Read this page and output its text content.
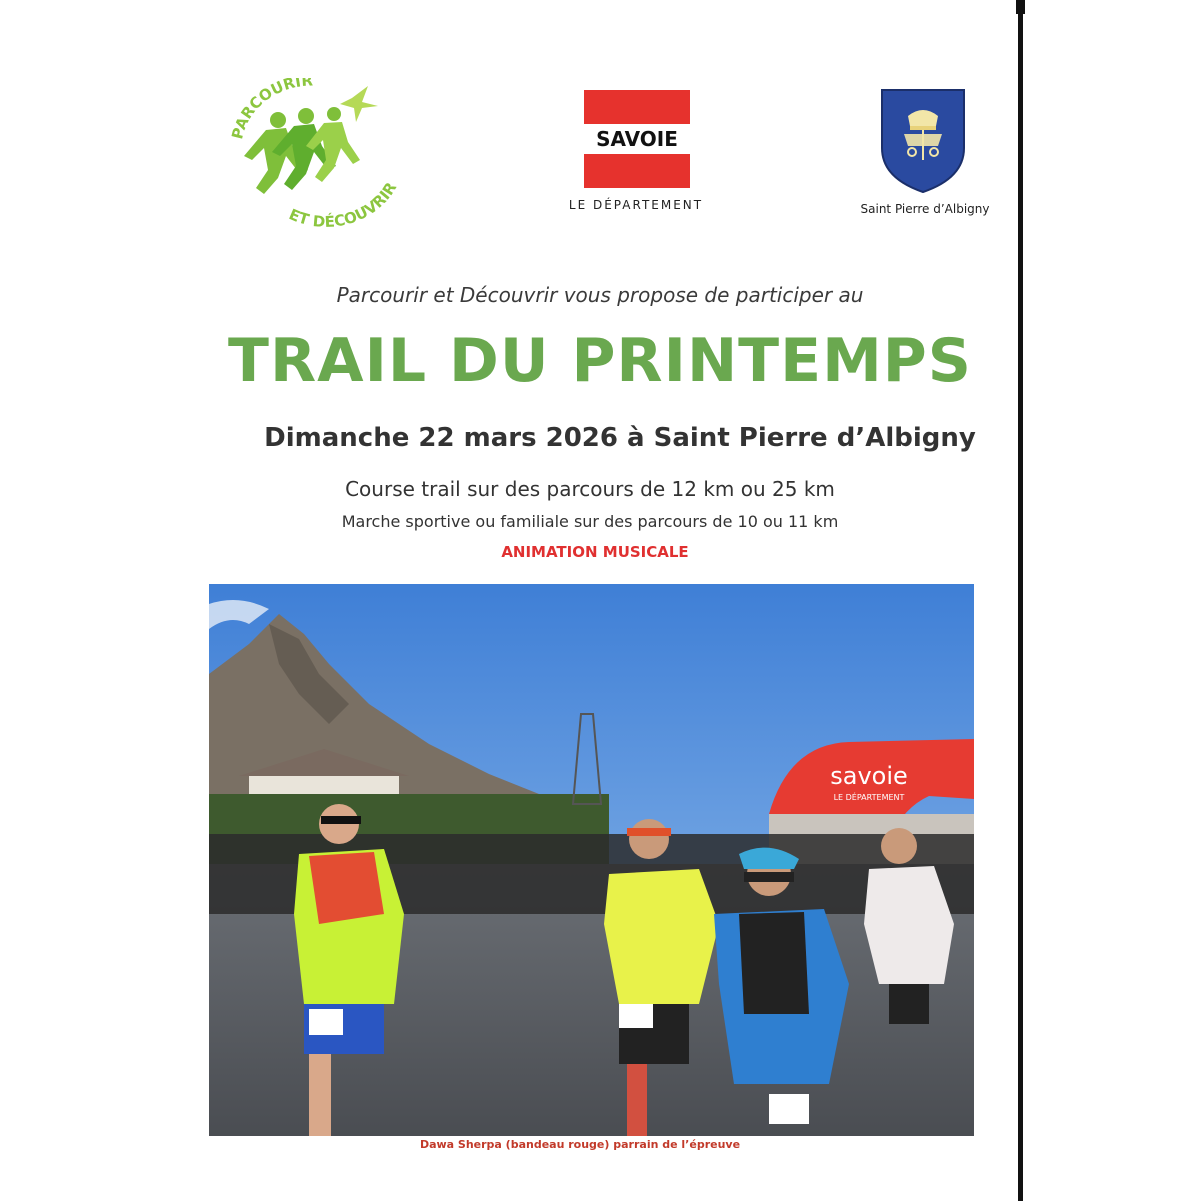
PARCOURIR
ET DÉCOUVRIR
SAVOIE
LE DÉPARTEMENT	Saint Pierre d’Albigny
Parcourir et Découvrir vous propose de participer au
TRAIL DU PRINTEMPS
Dimanche 22 mars 2026 à Saint Pierre d’Albigny
Course trail sur des parcours de 12 km ou 25 km
Marche sportive ou familiale sur des parcours de 10 ou 11 km
ANIMATION MUSICALE
savoie
LE DÉPARTEMENT
Dawa Sherpa (bandeau rouge) parrain de l’épreuve
